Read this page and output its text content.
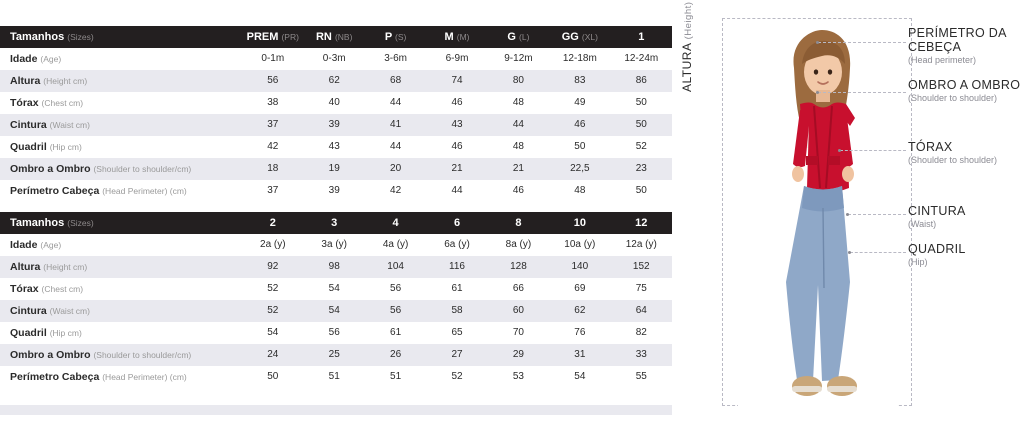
Tamanhos (Sizes)	PREM (PR)	RN (NB)	P (S)	M (M)	G (L)	GG (XL)	1
Idade (Age)	0-1m	0-3m	3-6m	6-9m	9-12m	12-18m	12-24m
Altura (Height cm)	56	62	68	74	80	83	86
Tórax (Chest cm)	38	40	44	46	48	49	50
Cintura (Waist cm)	37	39	41	43	44	46	50
Quadril (Hip cm)	42	43	44	46	48	50	52
Ombro a Ombro (Shoulder to shoulder/cm)	18	19	20	21	21	22,5	23
Perímetro Cabeça (Head Perimeter) (cm)	37	39	42	44	46	48	50
Tamanhos (Sizes)	2	3	4	6	8	10	12
Idade (Age)	2a (y)	3a (y)	4a (y)	6a (y)	8a (y)	10a (y)	12a (y)
Altura (Height cm)	92	98	104	116	128	140	152
Tórax (Chest cm)	52	54	56	61	66	69	75
Cintura (Waist cm)	52	54	56	58	60	62	64
Quadril (Hip cm)	54	56	61	65	70	76	82
Ombro a Ombro (Shoulder to shoulder/cm)	24	25	26	27	29	31	33
Perímetro Cabeça (Head Perimeter) (cm)	50	51	51	52	53	54	55

ALTURA (Height)	PERÍMETRO DA CEBEÇA
(Head perimeter)
OMBRO A OMBRO
(Shoulder to shoulder)
TÓRAX
(Shoulder to shoulder)
CINTURA
(Waist)
QUADRIL
(Hip)
